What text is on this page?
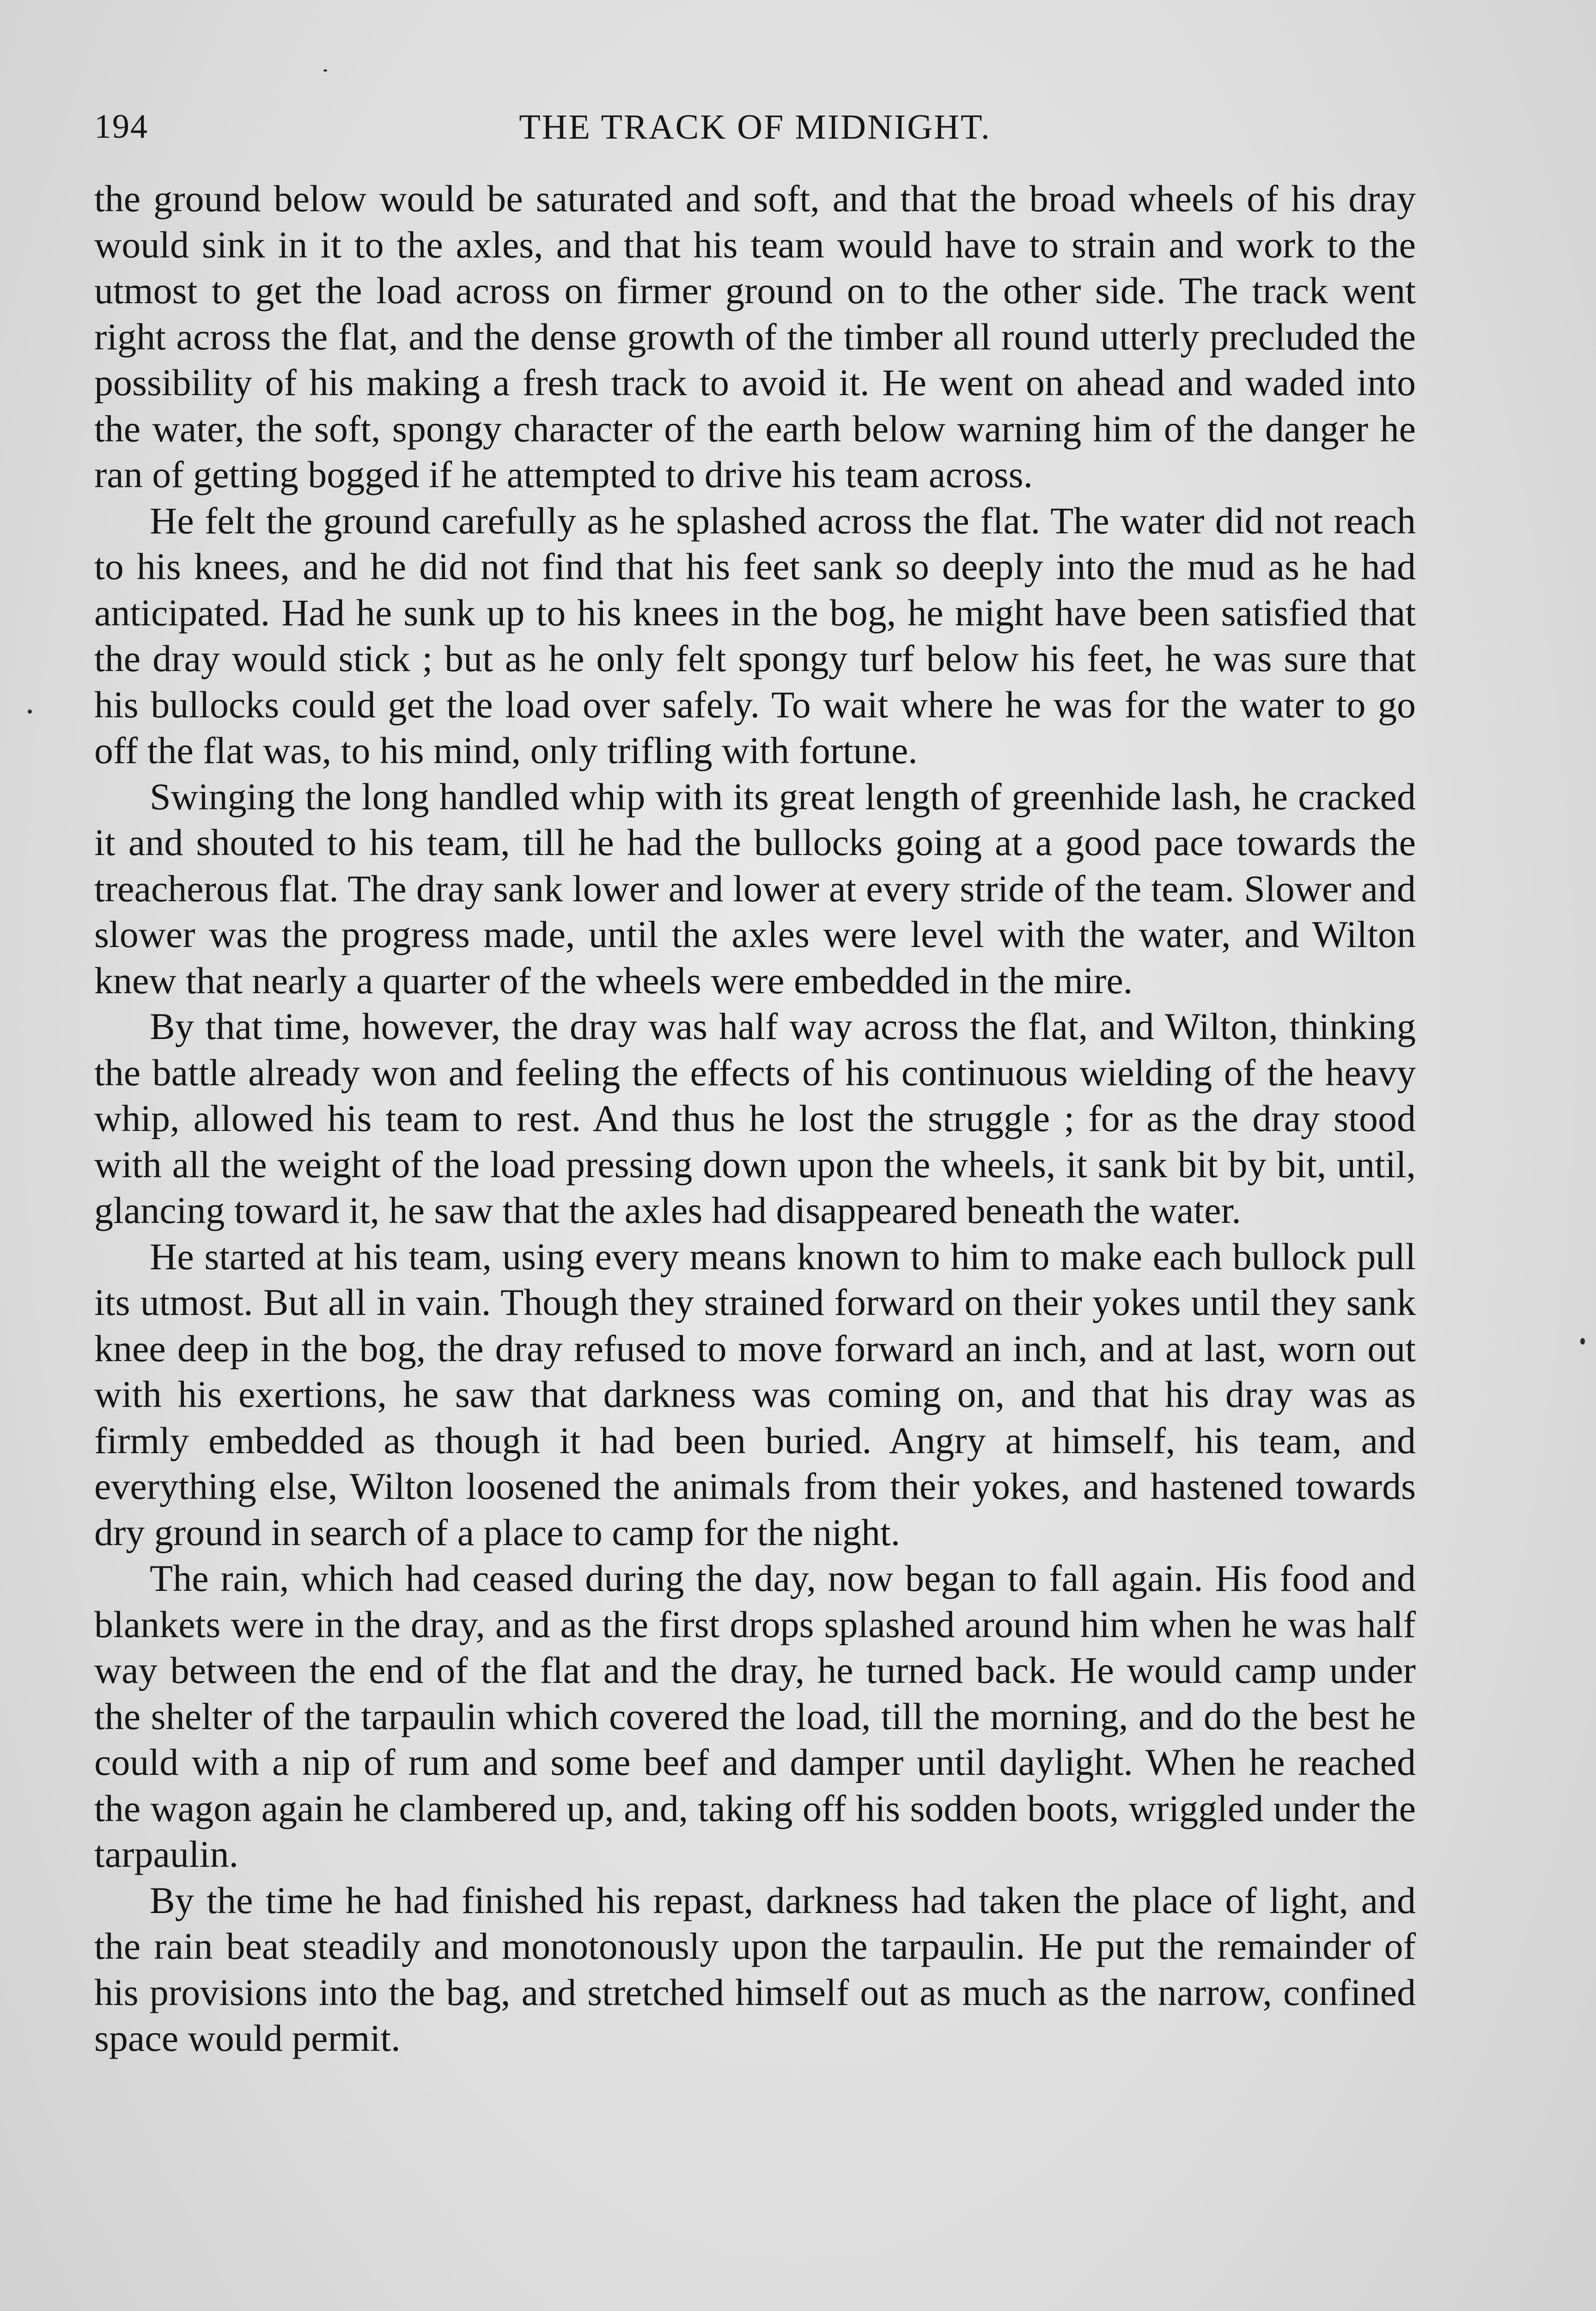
194	THE TRACK OF MIDNIGHT.

the ground below would be saturated and soft, and that the broad wheels of his dray would sink in it to the axles, and that his team would have to strain and work to the utmost to get the load across on firmer ground on to the other side. The track went right across the flat, and the dense growth of the timber all round utterly precluded the possibility of his making a fresh track to avoid it. He went on ahead and waded into the water, the soft, spongy character of the earth below warning him of the danger he ran of getting bogged if he attempted to drive his team across.

He felt the ground carefully as he splashed across the flat. The water did not reach to his knees, and he did not find that his feet sank so deeply into the mud as he had anticipated. Had he sunk up to his knees in the bog, he might have been satisfied that the dray would stick ; but as he only felt spongy turf below his feet, he was sure that his bullocks could get the load over safely. To wait where he was for the water to go off the flat was, to his mind, only trifling with fortune.

Swinging the long handled whip with its great length of greenhide lash, he cracked it and shouted to his team, till he had the bullocks going at a good pace towards the treacherous flat. The dray sank lower and lower at every stride of the team. Slower and slower was the progress made, until the axles were level with the water, and Wilton knew that nearly a quarter of the wheels were embedded in the mire.

By that time, however, the dray was half way across the flat, and Wilton, thinking the battle already won and feeling the effects of his continuous wielding of the heavy whip, allowed his team to rest. And thus he lost the struggle ; for as the dray stood with all the weight of the load pressing down upon the wheels, it sank bit by bit, until, glancing toward it, he saw that the axles had disappeared beneath the water.

He started at his team, using every means known to him to make each bullock pull its utmost. But all in vain. Though they strained forward on their yokes until they sank knee deep in the bog, the dray refused to move forward an inch, and at last, worn out with his exertions, he saw that darkness was coming on, and that his dray was as firmly embedded as though it had been buried. Angry at himself, his team, and everything else, Wilton loosened the animals from their yokes, and hastened towards dry ground in search of a place to camp for the night.

The rain, which had ceased during the day, now began to fall again. His food and blankets were in the dray, and as the first drops splashed around him when he was half way between the end of the flat and the dray, he turned back. He would camp under the shelter of the tarpaulin which covered the load, till the morning, and do the best he could with a nip of rum and some beef and damper until daylight. When he reached the wagon again he clambered up, and, taking off his sodden boots, wriggled under the tarpaulin.

By the time he had finished his repast, darkness had taken the place of light, and the rain beat steadily and monotonously upon the tarpaulin. He put the remainder of his provisions into the bag, and stretched himself out as much as the narrow, confined space would permit.
